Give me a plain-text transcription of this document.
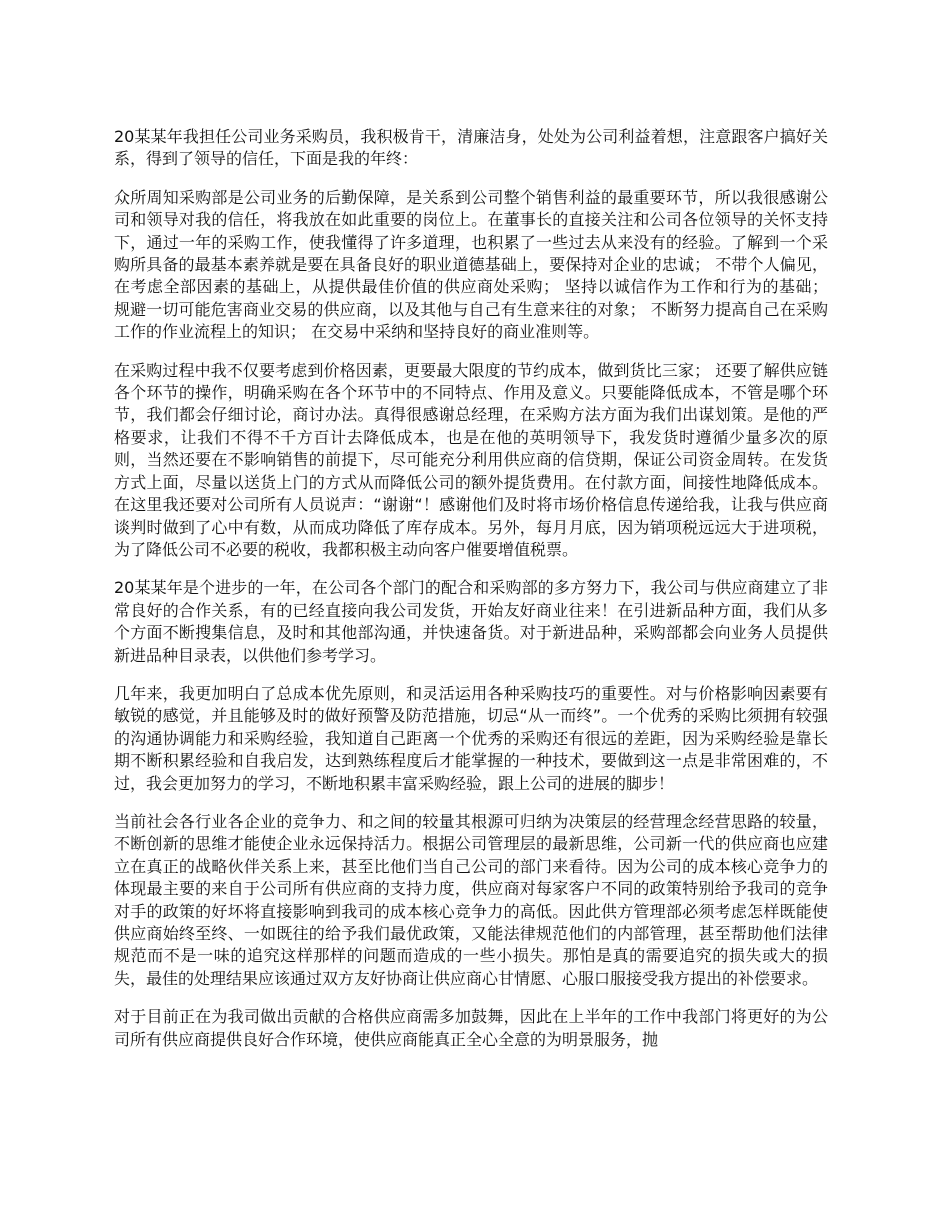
20某某年我担任公司业务采购员，我积极肯干，清廉洁身，处处为公司利益着想，注意跟客户搞好关系，得到了领导的信任，下面是我的年终：

众所周知采购部是公司业务的后勤保障，是关系到公司整个销售利益的最重要环节，所以我很感谢公司和领导对我的信任，将我放在如此重要的岗位上。在董事长的直接关注和公司各位领导的关怀支持下，通过一年的采购工作，使我懂得了许多道理，也积累了一些过去从来没有的经验。了解到一个采购所具备的最基本素养就是要在具备良好的职业道德基础上，要保持对企业的忠诚； 不带个人偏见，在考虑全部因素的基础上，从提供最佳价值的供应商处采购； 坚持以诚信作为工作和行为的基础； 规避一切可能危害商业交易的供应商，以及其他与自己有生意来往的对象； 不断努力提高自己在采购工作的作业流程上的知识； 在交易中采纳和坚持良好的商业准则等。

在采购过程中我不仅要考虑到价格因素，更要最大限度的节约成本，做到货比三家； 还要了解供应链各个环节的操作，明确采购在各个环节中的不同特点、作用及意义。只要能降低成本，不管是哪个环节，我们都会仔细讨论，商讨办法。真得很感谢总经理，在采购方法方面为我们出谋划策。是他的严格要求，让我们不得不千方百计去降低成本，也是在他的英明领导下，我发货时遵循少量多次的原则，当然还要在不影响销售的前提下，尽可能充分利用供应商的信贷期，保证公司资金周转。在发货方式上面，尽量以送货上门的方式从而降低公司的额外提货费用。在付款方面，间接性地降低成本。在这里我还要对公司所有人员说声：“谢谢“！感谢他们及时将市场价格信息传递给我，让我与供应商谈判时做到了心中有数，从而成功降低了库存成本。另外，每月月底，因为销项税远远大于进项税，为了降低公司不必要的税收，我都积极主动向客户催要增值税票。

20某某年是个进步的一年，在公司各个部门的配合和采购部的多方努力下，我公司与供应商建立了非常良好的合作关系，有的已经直接向我公司发货，开始友好商业往来！在引进新品种方面，我们从多个方面不断搜集信息，及时和其他部沟通，并快速备货。对于新进品种，采购部都会向业务人员提供新进品种目录表，以供他们参考学习。

几年来，我更加明白了总成本优先原则，和灵活运用各种采购技巧的重要性。对与价格影响因素要有敏锐的感觉，并且能够及时的做好预警及防范措施，切忌“从一而终”。一个优秀的采购比须拥有较强的沟通协调能力和采购经验，我知道自己距离一个优秀的采购还有很远的差距，因为采购经验是靠长期不断积累经验和自我启发，达到熟练程度后才能掌握的一种技术，要做到这一点是非常困难的，不过，我会更加努力的学习，不断地积累丰富采购经验，跟上公司的进展的脚步！

当前社会各行业各企业的竞争力、和之间的较量其根源可归纳为决策层的经营理念经营思路的较量，不断创新的思维才能使企业永远保持活力。根据公司管理层的最新思维，公司新一代的供应商也应建立在真正的战略伙伴关系上来，甚至比他们当自己公司的部门来看待。因为公司的成本核心竞争力的体现最主要的来自于公司所有供应商的支持力度，供应商对每家客户不同的政策特别给予我司的竞争对手的政策的好坏将直接影响到我司的成本核心竞争力的高低。因此供方管理部必须考虑怎样既能使供应商始终至终、一如既往的给予我们最优政策，又能法律规范他们的内部管理，甚至帮助他们法律规范而不是一味的追究这样那样的问题而造成的一些小损失。那怕是真的需要追究的损失或大的损失，最佳的处理结果应该通过双方友好协商让供应商心甘情愿、心服口服接受我方提出的补偿要求。

对于目前正在为我司做出贡献的合格供应商需多加鼓舞，因此在上半年的工作中我部门将更好的为公司所有供应商提供良好合作环境，使供应商能真正全心全意的为明景服务，抛
